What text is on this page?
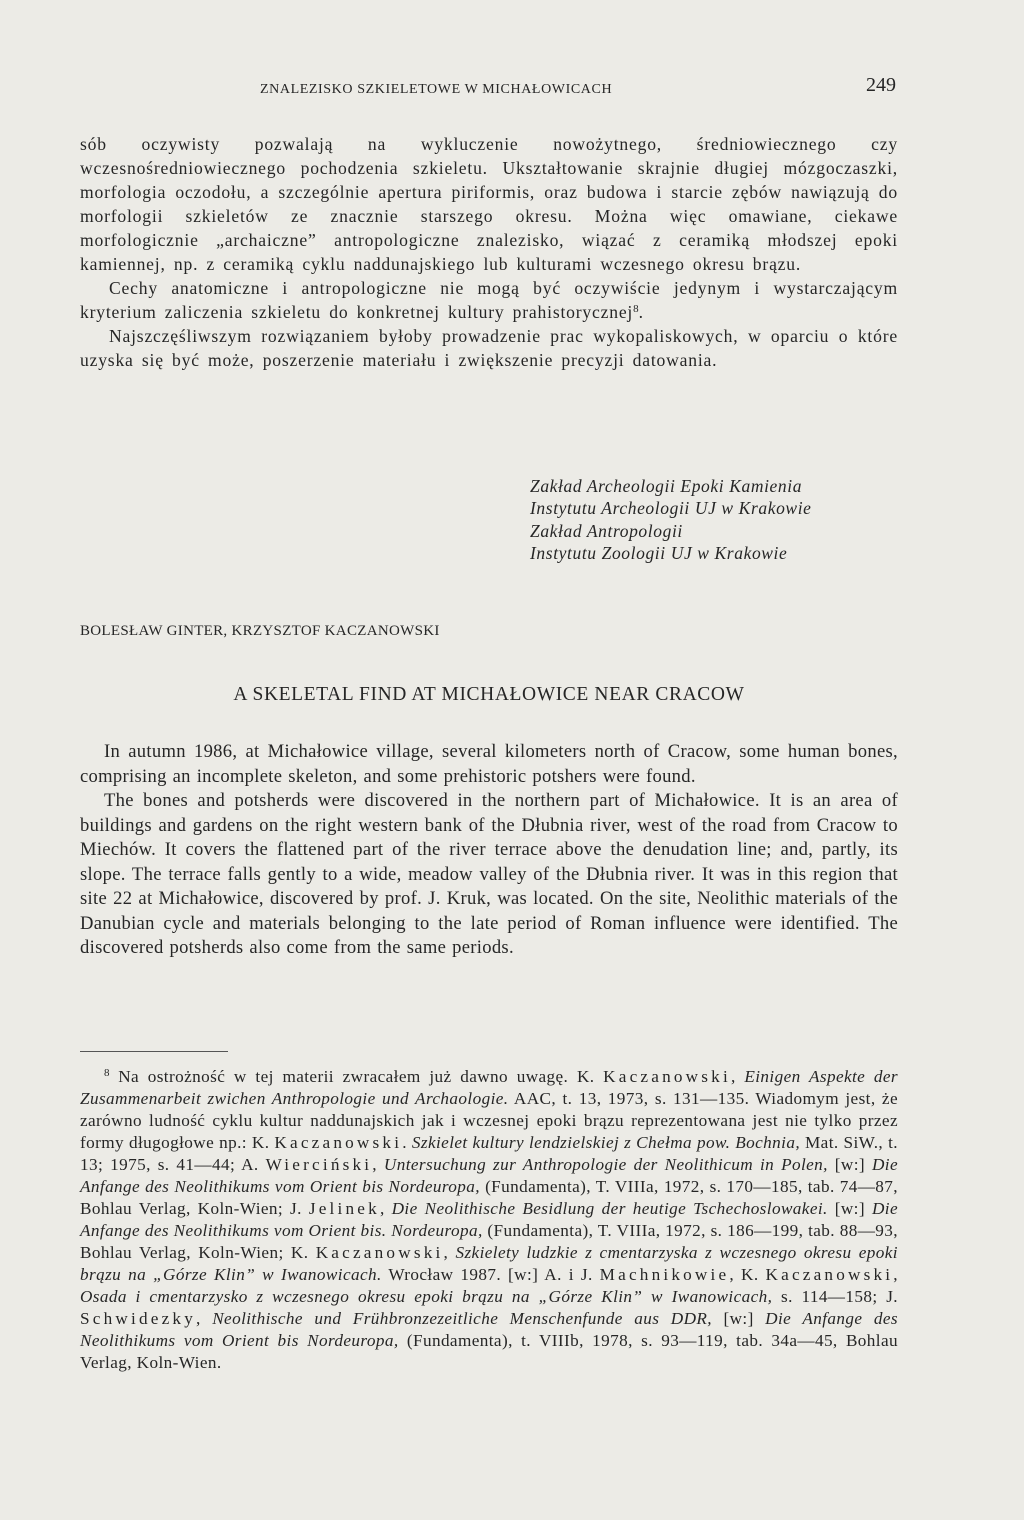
ZNALEZISKO SZKIELETOWE W MICHAŁOWICACH	249

sób oczywisty pozwalają na wykluczenie nowożytnego, średniowiecznego czy wczesnośredniowiecznego pochodzenia szkieletu. Ukształtowanie skrajnie długiej mózgoczaszki, morfologia oczodołu, a szczególnie apertura piriformis, oraz budowa i starcie zębów nawiązują do morfologii szkieletów ze znacznie starszego okresu. Można więc omawiane, ciekawe morfologicznie „archaiczne” antropologiczne znalezisko, wiązać z ceramiką młodszej epoki kamiennej, np. z ceramiką cyklu naddunajskiego lub kulturami wczesnego okresu brązu.

Cechy anatomiczne i antropologiczne nie mogą być oczywiście jedynym i wystarczającym kryterium zaliczenia szkieletu do konkretnej kultury prahistorycznej$^8$.

Najszczęśliwszym rozwiązaniem byłoby prowadzenie prac wykopaliskowych, w oparciu o które uzyska się być może, poszerzenie materiału i zwiększenie precyzji datowania.

Zakład Archeologii Epoki Kamienia
Instytutu Archeologii UJ w Krakowie
Zakład Antropologii
Instytutu Zoologii UJ w Krakowie
BOLESŁAW GINTER, KRZYSZTOF KACZANOWSKI
A SKELETAL FIND AT MICHAŁOWICE NEAR CRACOW

In autumn 1986, at Michałowice village, several kilometers north of Cracow, some human bones, comprising an incomplete skeleton, and some prehistoric potshers were found.

The bones and potsherds were discovered in the northern part of Michałowice. It is an area of buildings and gardens on the right western bank of the Dłubnia river, west of the road from Cracow to Miechów. It covers the flattened part of the river terrace above the denudation line; and, partly, its slope. The terrace falls gently to a wide, meadow valley of the Dłubnia river. It was in this region that site 22 at Michałowice, discovered by prof. J. Kruk, was located. On the site, Neolithic materials of the Danubian cycle and materials belonging to the late period of Roman influence were identified. The discovered potsherds also come from the same periods.

$^8$ Na ostrożność w tej materii zwracałem już dawno uwagę. K. Kaczanowski, Einigen Aspekte der Zusammenarbeit zwichen Anthropologie und Archaologie. AAC, t. 13, 1973, s. 131—135. Wiadomym jest, że zarówno ludność cyklu kultur naddunajskich jak i wczesnej epoki brązu reprezentowana jest nie tylko przez formy długogłowe np.: K. Kaczanowski. Szkielet kultury lendzielskiej z Chełma pow. Bochnia, Mat. SiW., t. 13; 1975, s. 41—44; A. Wierciński, Untersuchung zur Anthropologie der Neolithicum in Polen, [w:] Die Anfange des Neolithikums vom Orient bis Nordeuropa, (Fundamenta), T. VIIIa, 1972, s. 170—185, tab. 74—87, Bohlau Verlag, Koln-Wien; J. Jelinek, Die Neolithische Besidlung der heutige Tschechoslowakei. [w:] Die Anfange des Neolithikums vom Orient bis. Nordeuropa, (Fundamenta), T. VIIIa, 1972, s. 186—199, tab. 88—93, Bohlau Verlag, Koln-Wien; K. Kaczanowski, Szkielety ludzkie z cmentarzyska z wczesnego okresu epoki brązu na „Górze Klin” w Iwanowicach. Wrocław 1987. [w:] A. i J. Machnikowie, K. Kaczanowski, Osada i cmentarzysko z wczesnego okresu epoki brązu na „Górze Klin” w Iwanowicach, s. 114—158; J. Schwidezky, Neolithische und Frühbronzezeitliche Menschenfunde aus DDR, [w:] Die Anfange des Neolithikums vom Orient bis Nordeuropa, (Fundamenta), t. VIIIb, 1978, s. 93—119, tab. 34a—45, Bohlau Verlag, Koln-Wien.
